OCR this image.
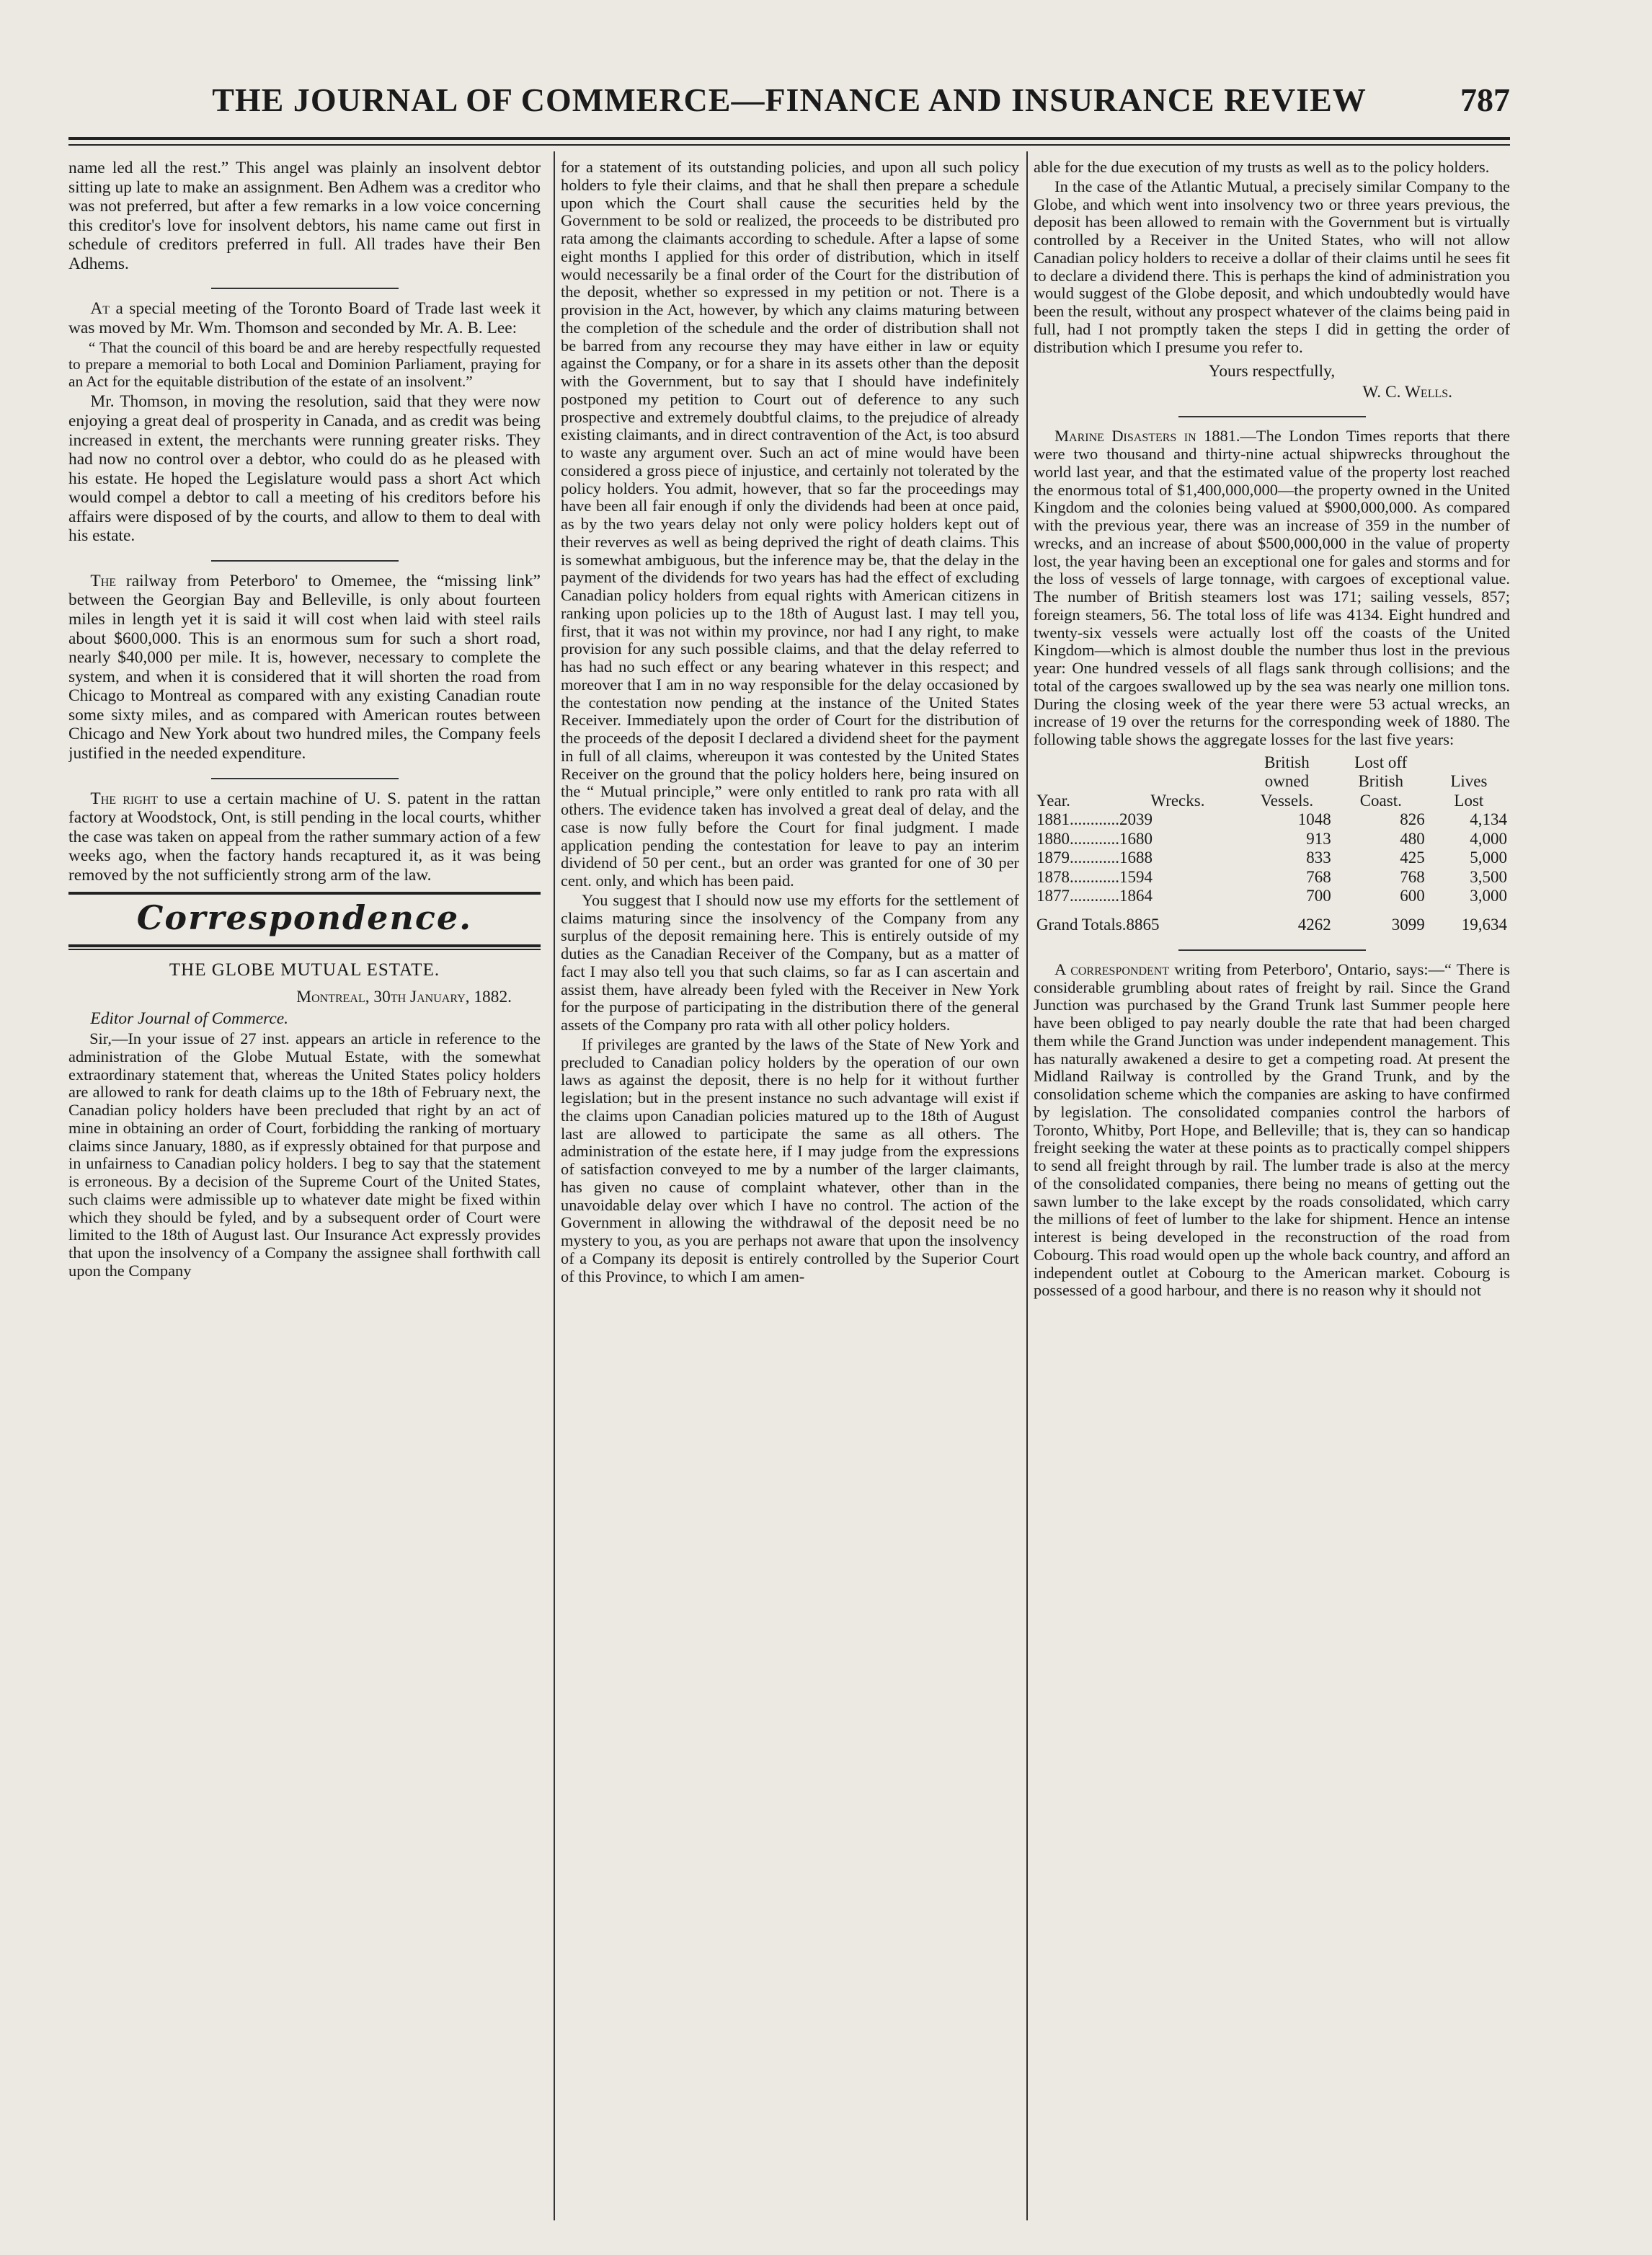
THE JOURNAL OF COMMERCE—FINANCE AND INSURANCE REVIEW	787

name led all the rest.” This angel was plainly an insolvent debtor sitting up late to make an assignment. Ben Adhem was a creditor who was not preferred, but after a few remarks in a low voice concerning this creditor's love for insolvent debtors, his name came out first in schedule of creditors preferred in full. All trades have their Ben Adhems.

At a special meeting of the Toronto Board of Trade last week it was moved by Mr. Wm. Thomson and seconded by Mr. A. B. Lee:

“ That the council of this board be and are hereby respectfully requested to prepare a memorial to both Local and Dominion Parliament, praying for an Act for the equitable distribution of the estate of an insolvent.”

Mr. Thomson, in moving the resolution, said that they were now enjoying a great deal of prosperity in Canada, and as credit was being increased in extent, the merchants were running greater risks. They had now no control over a debtor, who could do as he pleased with his estate. He hoped the Legislature would pass a short Act which would compel a debtor to call a meeting of his creditors before his affairs were disposed of by the courts, and allow to them to deal with his estate.

The railway from Peterboro' to Omemee, the “missing link” between the Georgian Bay and Belleville, is only about fourteen miles in length yet it is said it will cost when laid with steel rails about $600,000. This is an enormous sum for such a short road, nearly $40,000 per mile. It is, however, necessary to complete the system, and when it is considered that it will shorten the road from Chicago to Montreal as compared with any existing Canadian route some sixty miles, and as compared with American routes between Chicago and New York about two hundred miles, the Company feels justified in the needed expenditure.

The right to use a certain machine of U. S. patent in the rattan factory at Woodstock, Ont, is still pending in the local courts, whither the case was taken on appeal from the rather summary action of a few weeks ago, when the factory hands recaptured it, as it was being removed by the not sufficiently strong arm of the law.

Correspondence.
THE GLOBE MUTUAL ESTATE.
Montreal, 30th January, 1882.

Editor Journal of Commerce.

Sir,—In your issue of 27 inst. appears an article in reference to the administration of the Globe Mutual Estate, with the somewhat extraordinary statement that, whereas the United States policy holders are allowed to rank for death claims up to the 18th of February next, the Canadian policy holders have been precluded that right by an act of mine in obtaining an order of Court, forbidding the ranking of mortuary claims since January, 1880, as if expressly obtained for that purpose and in unfairness to Canadian policy holders. I beg to say that the statement is erroneous. By a decision of the Supreme Court of the United States, such claims were admissible up to whatever date might be fixed within which they should be fyled, and by a subsequent order of Court were limited to the 18th of August last. Our Insurance Act expressly provides that upon the insolvency of a Company the assignee shall forthwith call upon the Company

for a statement of its outstanding policies, and upon all such policy holders to fyle their claims, and that he shall then prepare a schedule upon which the Court shall cause the securities held by the Government to be sold or realized, the proceeds to be distributed pro rata among the claimants according to schedule. After a lapse of some eight months I applied for this order of distribution, which in itself would necessarily be a final order of the Court for the distribution of the deposit, whether so expressed in my petition or not. There is a provision in the Act, however, by which any claims maturing between the completion of the schedule and the order of distribution shall not be barred from any recourse they may have either in law or equity against the Company, or for a share in its assets other than the deposit with the Government, but to say that I should have indefinitely postponed my petition to Court out of deference to any such prospective and extremely doubtful claims, to the prejudice of already existing claimants, and in direct contravention of the Act, is too absurd to waste any argument over. Such an act of mine would have been considered a gross piece of injustice, and certainly not tolerated by the policy holders. You admit, however, that so far the proceedings may have been all fair enough if only the dividends had been at once paid, as by the two years delay not only were policy holders kept out of their reverves as well as being deprived the right of death claims. This is somewhat ambiguous, but the inference may be, that the delay in the payment of the dividends for two years has had the effect of excluding Canadian policy holders from equal rights with American citizens in ranking upon policies up to the 18th of August last. I may tell you, first, that it was not within my province, nor had I any right, to make provision for any such possible claims, and that the delay referred to has had no such effect or any bearing whatever in this respect; and moreover that I am in no way responsible for the delay occasioned by the contestation now pending at the instance of the United States Receiver. Immediately upon the order of Court for the distribution of the proceeds of the deposit I declared a dividend sheet for the payment in full of all claims, whereupon it was contested by the United States Receiver on the ground that the policy holders here, being insured on the “ Mutual principle,” were only entitled to rank pro rata with all others. The evidence taken has involved a great deal of delay, and the case is now fully before the Court for final judgment. I made application pending the contestation for leave to pay an interim dividend of 50 per cent., but an order was granted for one of 30 per cent. only, and which has been paid.

You suggest that I should now use my efforts for the settlement of claims maturing since the insolvency of the Company from any surplus of the deposit remaining here. This is entirely outside of my duties as the Canadian Receiver of the Company, but as a matter of fact I may also tell you that such claims, so far as I can ascertain and assist them, have already been fyled with the Receiver in New York for the purpose of participating in the distribution there of the general assets of the Company pro rata with all other policy holders.

If privileges are granted by the laws of the State of New York and precluded to Canadian policy holders by the operation of our own laws as against the deposit, there is no help for it without further legislation; but in the present instance no such advantage will exist if the claims upon Canadian policies matured up to the 18th of August last are allowed to participate the same as all others. The administration of the estate here, if I may judge from the expressions of satisfaction conveyed to me by a number of the larger claimants, has given no cause of complaint whatever, other than in the unavoidable delay over which I have no control. The action of the Government in allowing the withdrawal of the deposit need be no mystery to you, as you are perhaps not aware that upon the insolvency of a Company its deposit is entirely controlled by the Superior Court of this Province, to which I am amen-

able for the due execution of my trusts as well as to the policy holders.

In the case of the Atlantic Mutual, a precisely similar Company to the Globe, and which went into insolvency two or three years previous, the deposit has been allowed to remain with the Government but is virtually controlled by a Receiver in the United States, who will not allow Canadian policy holders to receive a dollar of their claims until he sees fit to declare a dividend there. This is perhaps the kind of administration you would suggest of the Globe deposit, and which undoubtedly would have been the result, without any prospect whatever of the claims being paid in full, had I not promptly taken the steps I did in getting the order of distribution which I presume you refer to.

Yours respectfully,
W. C. Wells.

Marine Disasters in 1881.—The London Times reports that there were two thousand and thirty-nine actual shipwrecks throughout the world last year, and that the estimated value of the property lost reached the enormous total of $1,400,000,000—the property owned in the United Kingdom and the colonies being valued at $900,000,000. As compared with the previous year, there was an increase of 359 in the number of wrecks, and an increase of about $500,000,000 in the value of property lost, the year having been an exceptional one for gales and storms and for the loss of vessels of large tonnage, with cargoes of exceptional value. The number of British steamers lost was 171; sailing vessels, 857; foreign steamers, 56. The total loss of life was 4134. Eight hundred and twenty-six vessels were actually lost off the coasts of the United Kingdom—which is almost double the number thus lost in the previous year: One hundred vessels of all flags sank through collisions; and the total of the cargoes swallowed up by the sea was nearly one million tons. During the closing week of the year there were 53 actual wrecks, an increase of 19 over the returns for the corresponding week of 1880. The following table shows the aggregate losses for the last five years:

		British	Lost off	
		owned	British	Lives
Year.	Wrecks.	Vessels.	Coast.	Lost
1881............2039		1048	826	4,134
1880............1680		913	480	4,000
1879............1688		833	425	5,000
1878............1594		768	768	3,500
1877............1864		700	600	3,000
Grand Totals.8865		4262	3099	19,634

A correspondent writing from Peterboro', Ontario, says:—“ There is considerable grumbling about rates of freight by rail. Since the Grand Junction was purchased by the Grand Trunk last Summer people here have been obliged to pay nearly double the rate that had been charged them while the Grand Junction was under independent management. This has naturally awakened a desire to get a competing road. At present the Midland Railway is controlled by the Grand Trunk, and by the consolidation scheme which the companies are asking to have confirmed by legislation. The consolidated companies control the harbors of Toronto, Whitby, Port Hope, and Belleville; that is, they can so handicap freight seeking the water at these points as to practically compel shippers to send all freight through by rail. The lumber trade is also at the mercy of the consolidated companies, there being no means of getting out the sawn lumber to the lake except by the roads consolidated, which carry the millions of feet of lumber to the lake for shipment. Hence an intense interest is being developed in the reconstruction of the road from Cobourg. This road would open up the whole back country, and afford an independent outlet at Cobourg to the American market. Cobourg is possessed of a good harbour, and there is no reason why it should not
